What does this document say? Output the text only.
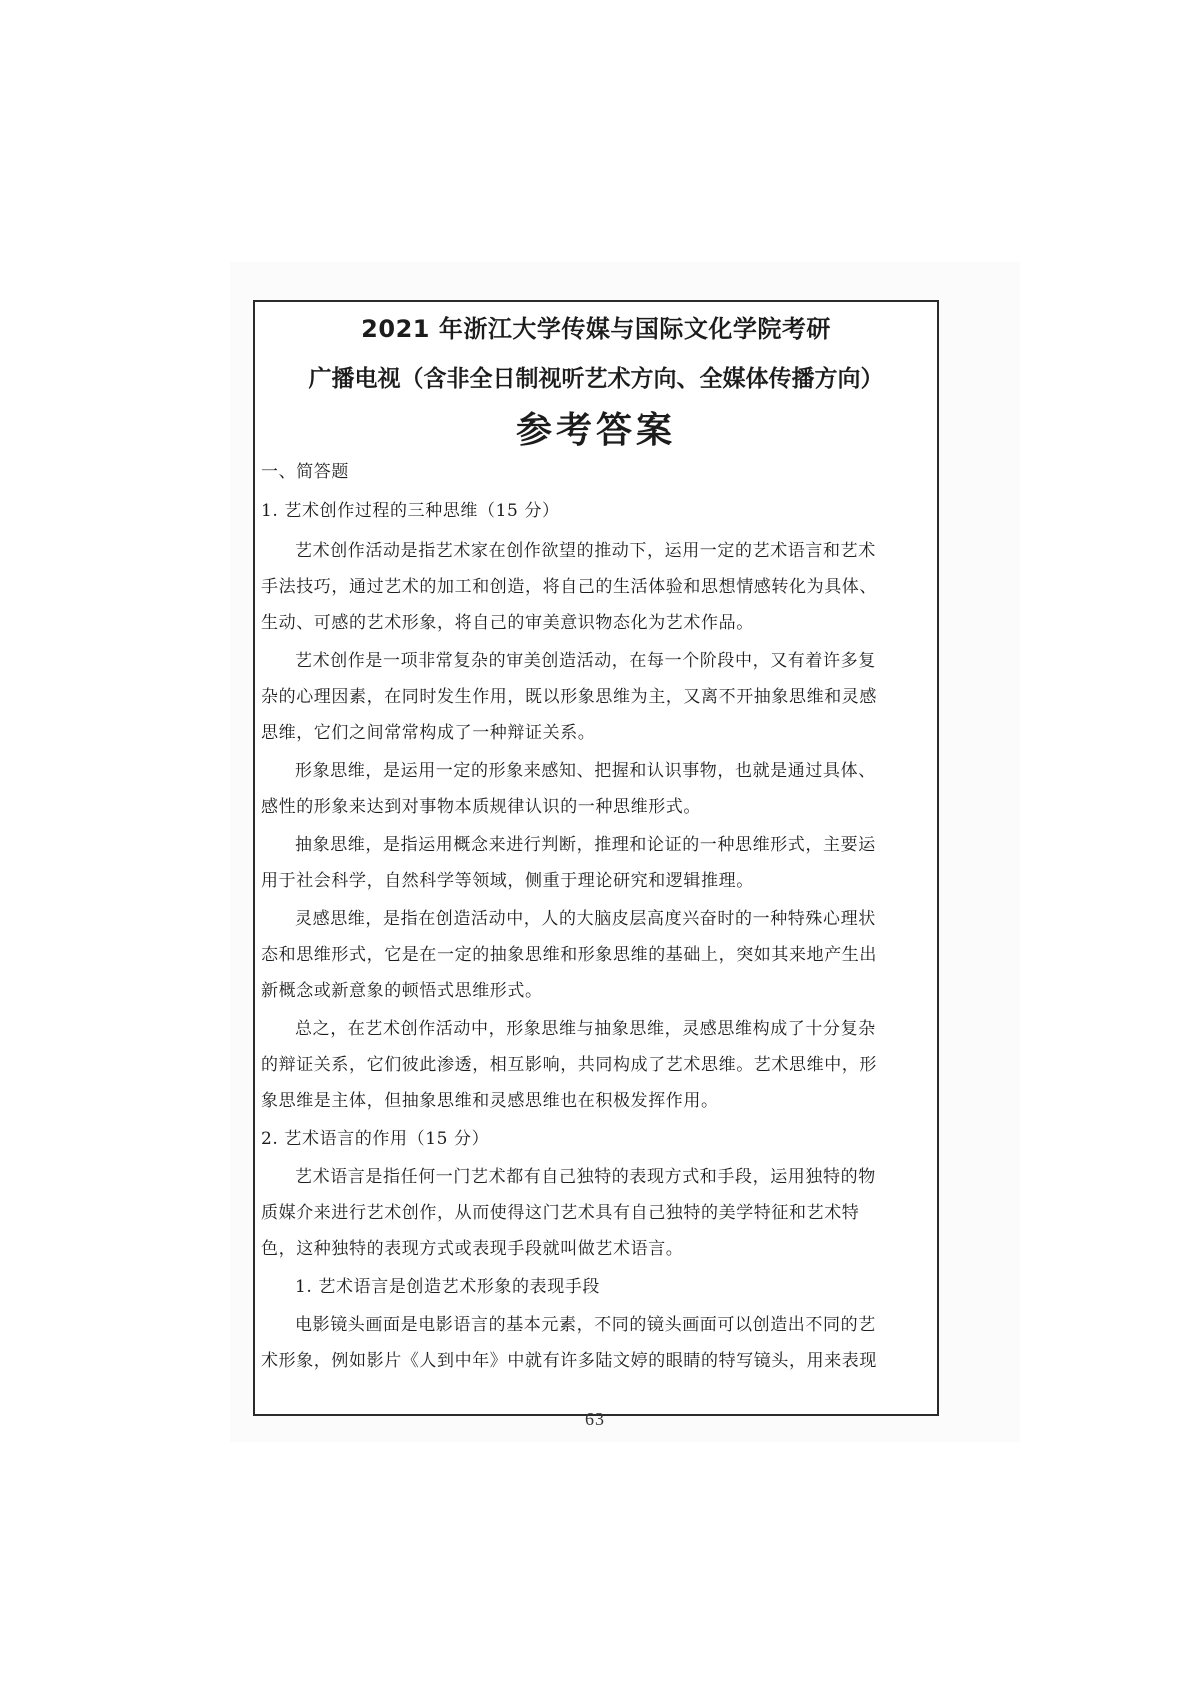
2021 年浙江大学传媒与国际文化学院考研
广播电视（含非全日制视听艺术方向、全媒体传播方向）
参考答案
一、简答题
1. 艺术创作过程的三种思维（15 分）
艺术创作活动是指艺术家在创作欲望的推动下，运用一定的艺术语言和艺术
手法技巧，通过艺术的加工和创造，将自己的生活体验和思想情感转化为具体、
生动、可感的艺术形象，将自己的审美意识物态化为艺术作品。
艺术创作是一项非常复杂的审美创造活动，在每一个阶段中，又有着许多复
杂的心理因素，在同时发生作用，既以形象思维为主，又离不开抽象思维和灵感
思维，它们之间常常构成了一种辩证关系。
形象思维，是运用一定的形象来感知、把握和认识事物，也就是通过具体、
感性的形象来达到对事物本质规律认识的一种思维形式。
抽象思维，是指运用概念来进行判断，推理和论证的一种思维形式，主要运
用于社会科学，自然科学等领域，侧重于理论研究和逻辑推理。
灵感思维，是指在创造活动中，人的大脑皮层高度兴奋时的一种特殊心理状
态和思维形式，它是在一定的抽象思维和形象思维的基础上，突如其来地产生出
新概念或新意象的顿悟式思维形式。
总之，在艺术创作活动中，形象思维与抽象思维，灵感思维构成了十分复杂
的辩证关系，它们彼此渗透，相互影响，共同构成了艺术思维。艺术思维中，形
象思维是主体，但抽象思维和灵感思维也在积极发挥作用。
2. 艺术语言的作用（15 分）
艺术语言是指任何一门艺术都有自己独特的表现方式和手段，运用独特的物
质媒介来进行艺术创作，从而使得这门艺术具有自己独特的美学特征和艺术特
色，这种独特的表现方式或表现手段就叫做艺术语言。
1. 艺术语言是创造艺术形象的表现手段
电影镜头画面是电影语言的基本元素，不同的镜头画面可以创造出不同的艺
术形象，例如影片《人到中年》中就有许多陆文婷的眼睛的特写镜头，用来表现
63
